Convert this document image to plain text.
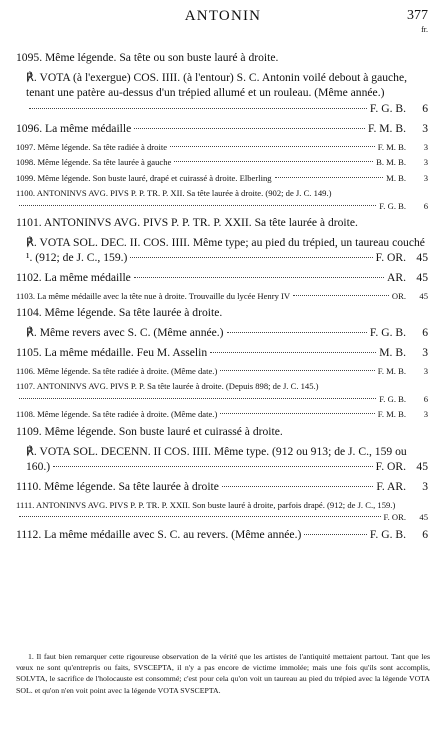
ANTONIN	377
fr.
1095. Même légende. Sa tête ou son buste lauré à droite.
℟. VOTA (à l'exergue) COS. IIII. (à l'entour) S. C. Antonin voilé debout à gauche, tenant une patère au-dessus d'un trépied allumé et un rouleau. (Même année.)
F. G. B.	6
1096. La même médaille	F. M. B.	3
1097. Même légende. Sa tête radiée à droite	F. M. B.	3
1098. Même légende. Sa tête laurée à gauche	B. M. B.	3
1099. Même légende. Son buste lauré, drapé et cuirassé à droite. Elberling	M. B.	3
1100. ANTONINVS AVG. PIVS P. P. TR. P. XII. Sa tête laurée à droite. (902; de J. C. 149.)
F. G. B.	6
1101. ANTONINVS AVG. PIVS P. P. TR. P. XXII. Sa tête laurée à droite.
℟. VOTA SOL. DEC. II. COS. IIII. Même type; au pied du trépied, un taureau couché ¹. (912; de J. C., 159.)	F. OR. 45
1102. La même médaille	AR. 45
1103. La même médaille avec la tête nue à droite. Trouvaille du lycée Henry IV	OR.	45
1104. Même légende. Sa tête laurée à droite.
℟. Même revers avec S. C. (Même année.)	F. G. B.	6
1105. La même médaille. Feu M. Asselin	M. B.	3
1106. Même légende. Sa tête radiée à droite. (Même date.)	F. M. B.	3
1107. ANTONINVS AVG. PIVS P. P. Sa tête laurée à droite. (Depuis 898; de J. C. 145.)
F. G. B.	6
1108. Même légende. Sa tête radiée à droite. (Même date.)	F. M. B.	3
1109. Même légende. Son buste lauré et cuirassé à droite.
℟. VOTA SOL. DECENN. II COS. IIII. Même type. (912 ou 913; de J. C., 159 ou 160.)	F. OR. 45
1110. Même légende. Sa tête laurée à droite	F. AR.	3
1111. ANTONINVS AVG. PIVS P. P. TR. P. XXII. Son buste lauré à droite, parfois drapé. (912; de J. C., 159.)
F. OR.	45
1112. La même médaille avec S. C. au revers. (Même année.)	F. G. B.	6
1. Il faut bien remarquer cette rigoureuse observation de la vérité que les artistes de l'antiquité mettaient partout. Tant que les vœux ne sont qu'entrepris ou faits, SVSCEPTA, il n'y a pas encore de victime immolée; mais une fois qu'ils sont accomplis, SOLVTA, le sacrifice de l'holocauste est consommé; c'est pour cela qu'on voit un taureau au pied du trépied avec la légende VOTA SOL. et qu'on n'en voit point avec la légende VOTA SVSCEPTA.
